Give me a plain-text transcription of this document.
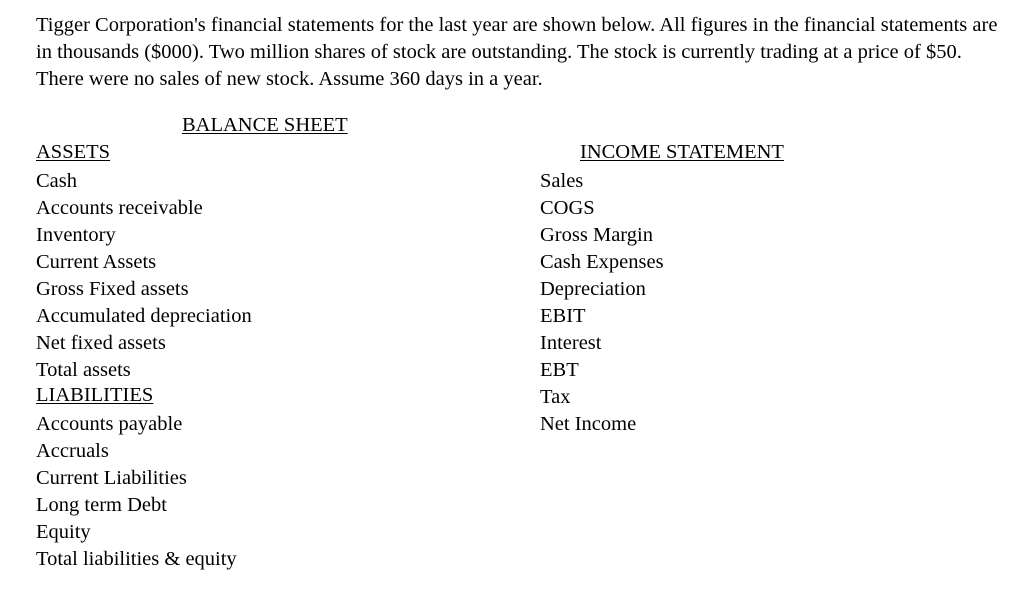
Tigger Corporation's financial statements for the last year are shown below. All figures in the financial statements are in thousands ($000). Two million shares of stock are outstanding. The stock is currently trading at a price of $50. There were no sales of new stock. Assume 360 days in a year.

BALANCE SHEET
ASSETS	INCOME STATEMENT
Cash
Accounts receivable
Inventory
Current Assets
Gross Fixed assets
Accumulated depreciation
Net fixed assets
Total assets
LIABILITIES
Accounts payable
Accruals
Current Liabilities
Long term Debt
Equity
Total liabilities & equity
Sales
COGS
Gross Margin
Cash Expenses
Depreciation
EBIT
Interest
EBT
Tax
Net Income
